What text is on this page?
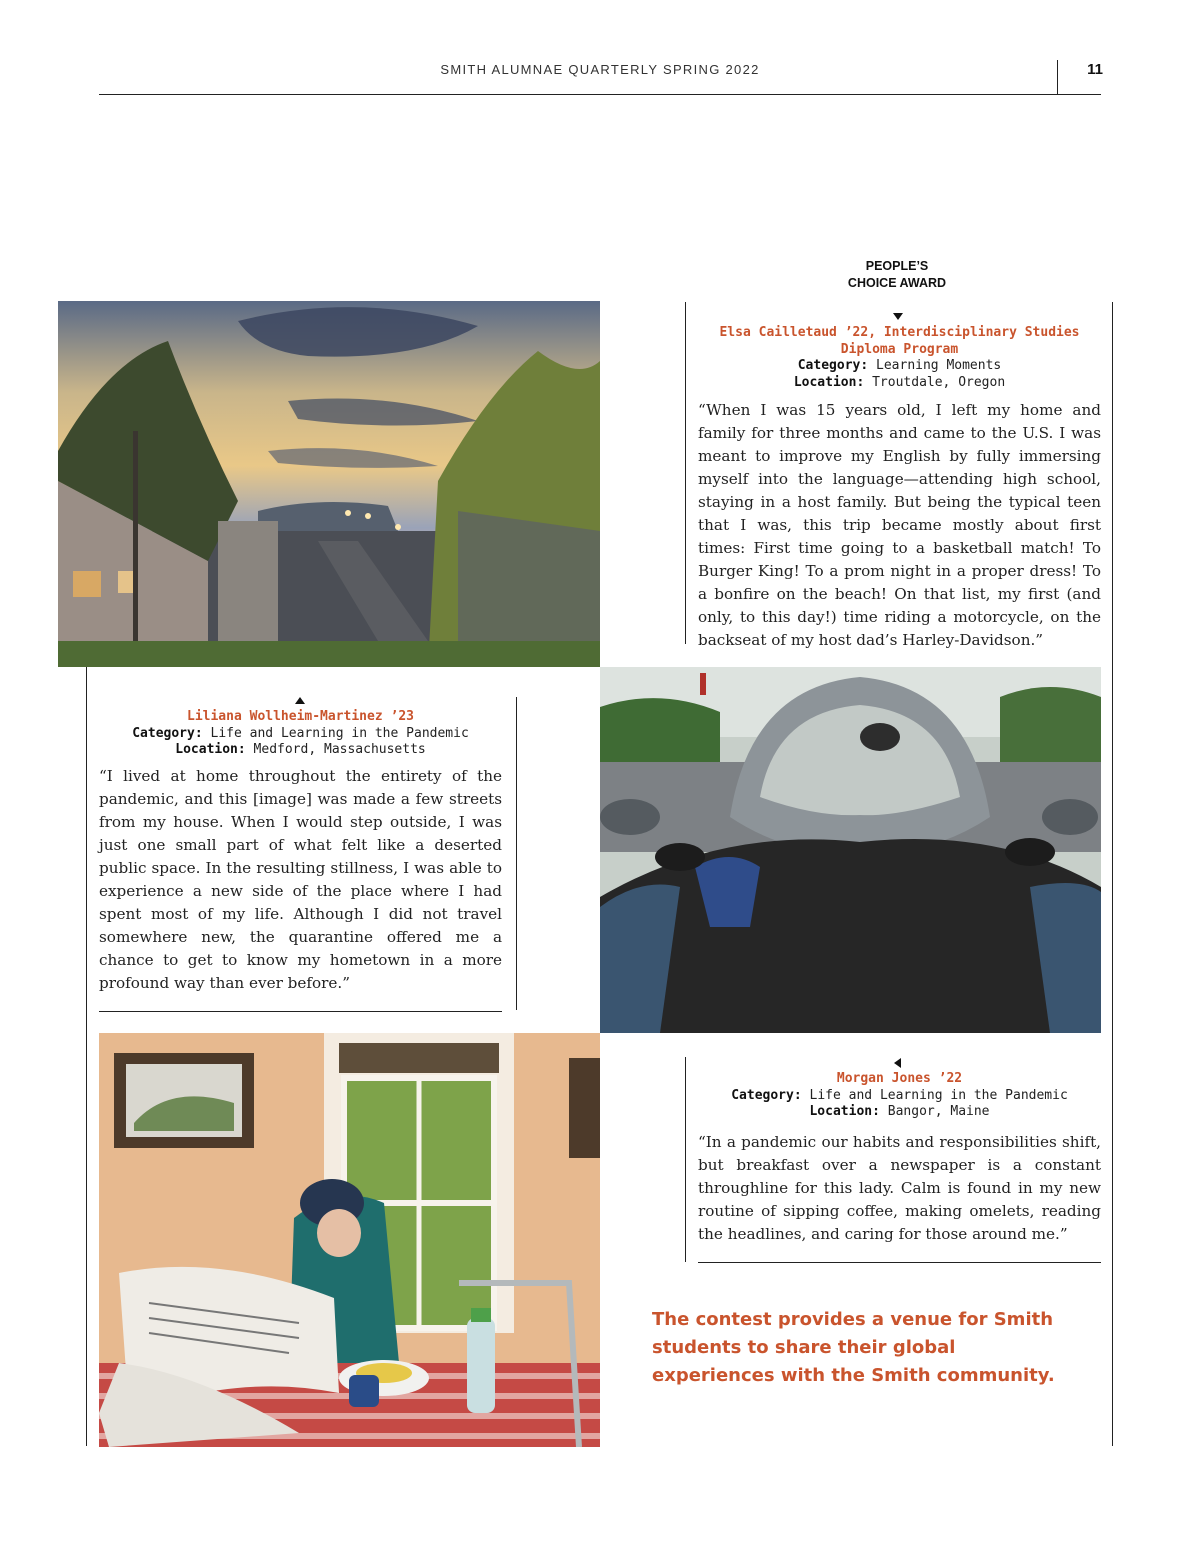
SMITH ALUMNAE QUARTERLY SPRING 2022	11
PEOPLE’S CHOICE AWARD
Elsa Cailletaud ’22, Interdisciplinary Studies Diploma Program
Category: Learning Moments
Location: Troutdale, Oregon
“When I was 15 years old, I left my home and family for three months and came to the U.S. I was meant to improve my English by fully immersing myself into the language—attending high school, staying in a host family. But being the typical teen that I was, this trip became mostly about first times: First time going to a basketball match! To Burger King! To a prom night in a proper dress! To a bonfire on the beach! On that list, my first (and only, to this day!) time riding a motorcycle, on the backseat of my host dad’s Harley-Davidson.”
Liliana Wollheim-Martinez ’23
Category: Life and Learning in the Pandemic
Location: Medford, Massachusetts
“I lived at home throughout the entirety of the pandemic, and this [image] was made a few streets from my house. When I would step outside, I was just one small part of what felt like a deserted public space. In the resulting stillness, I was able to experience a new side of the place where I had spent most of my life. Although I did not travel somewhere new, the quarantine offered me a chance to get to know my hometown in a more profound way than ever before.”
Morgan Jones ’22
Category: Life and Learning in the Pandemic
Location: Bangor, Maine
“In a pandemic our habits and responsibilities shift, but breakfast over a newspaper is a constant throughline for this lady. Calm is found in my new routine of sipping coffee, making omelets, reading the headlines, and caring for those around me.”
The contest provides a venue for Smith students to share their global experiences with the Smith community.
